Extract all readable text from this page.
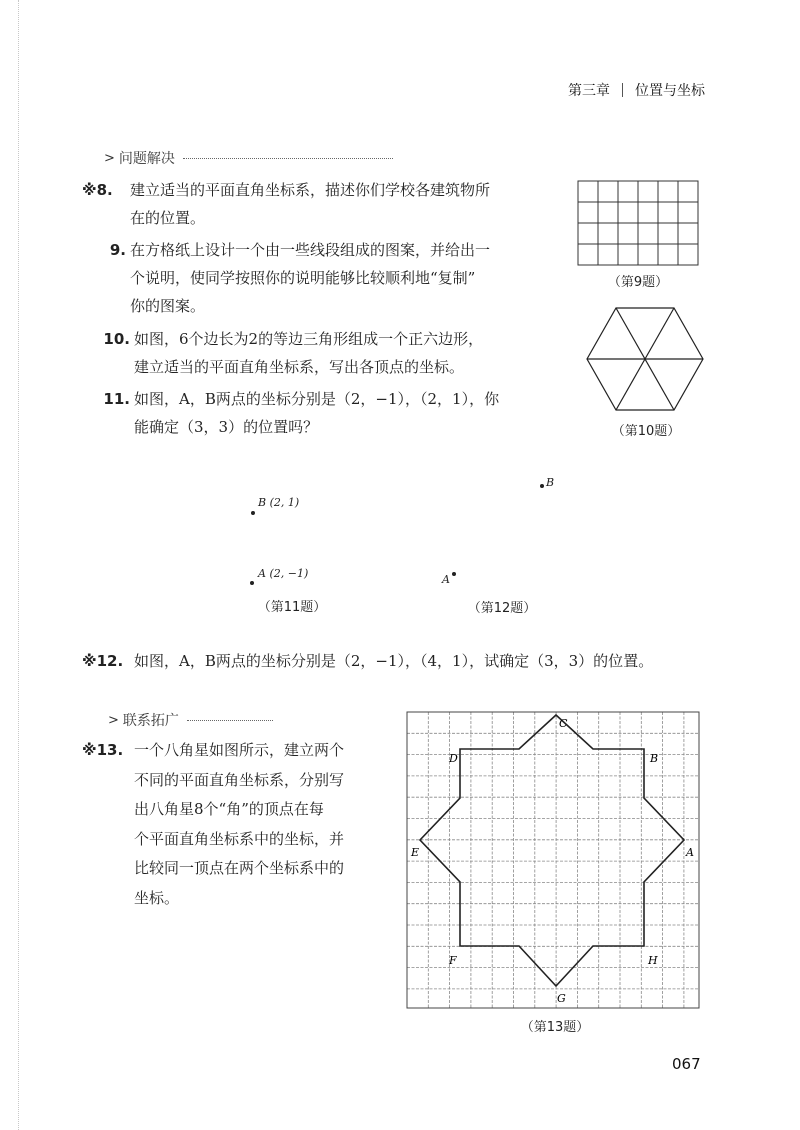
第三章 位置与坐标
> 问题解决
※8. 建立适当的平面直角坐标系，描述你们学校各建筑物所
在的位置。
9. 在方格纸上设计一个由一些线段组成的图案，并给出一
个说明，使同学按照你的说明能够比较顺利地“复制”
你的图案。
10. 如图，6个边长为2的等边三角形组成一个正六边形，
建立适当的平面直角坐标系，写出各顶点的坐标。
11. 如图，A，B两点的坐标分别是（2，−1），（2，1），你
能确定（3，3）的位置吗？
（第9题）
（第10题）
B (2, 1)
A (2, −1)
（第11题）
B
A
（第12题）
※12. 如图，A，B两点的坐标分别是（2，−1），（4，1），试确定（3，3）的位置。
> 联系拓广
※13. 一个八角星如图所示，建立两个
不同的平面直角坐标系，分别写
出八角星8个“角”的顶点在每
个平面直角坐标系中的坐标，并
比较同一顶点在两个坐标系中的
坐标。
C
D	B
E	A
F	H
G
（第13题）
067
